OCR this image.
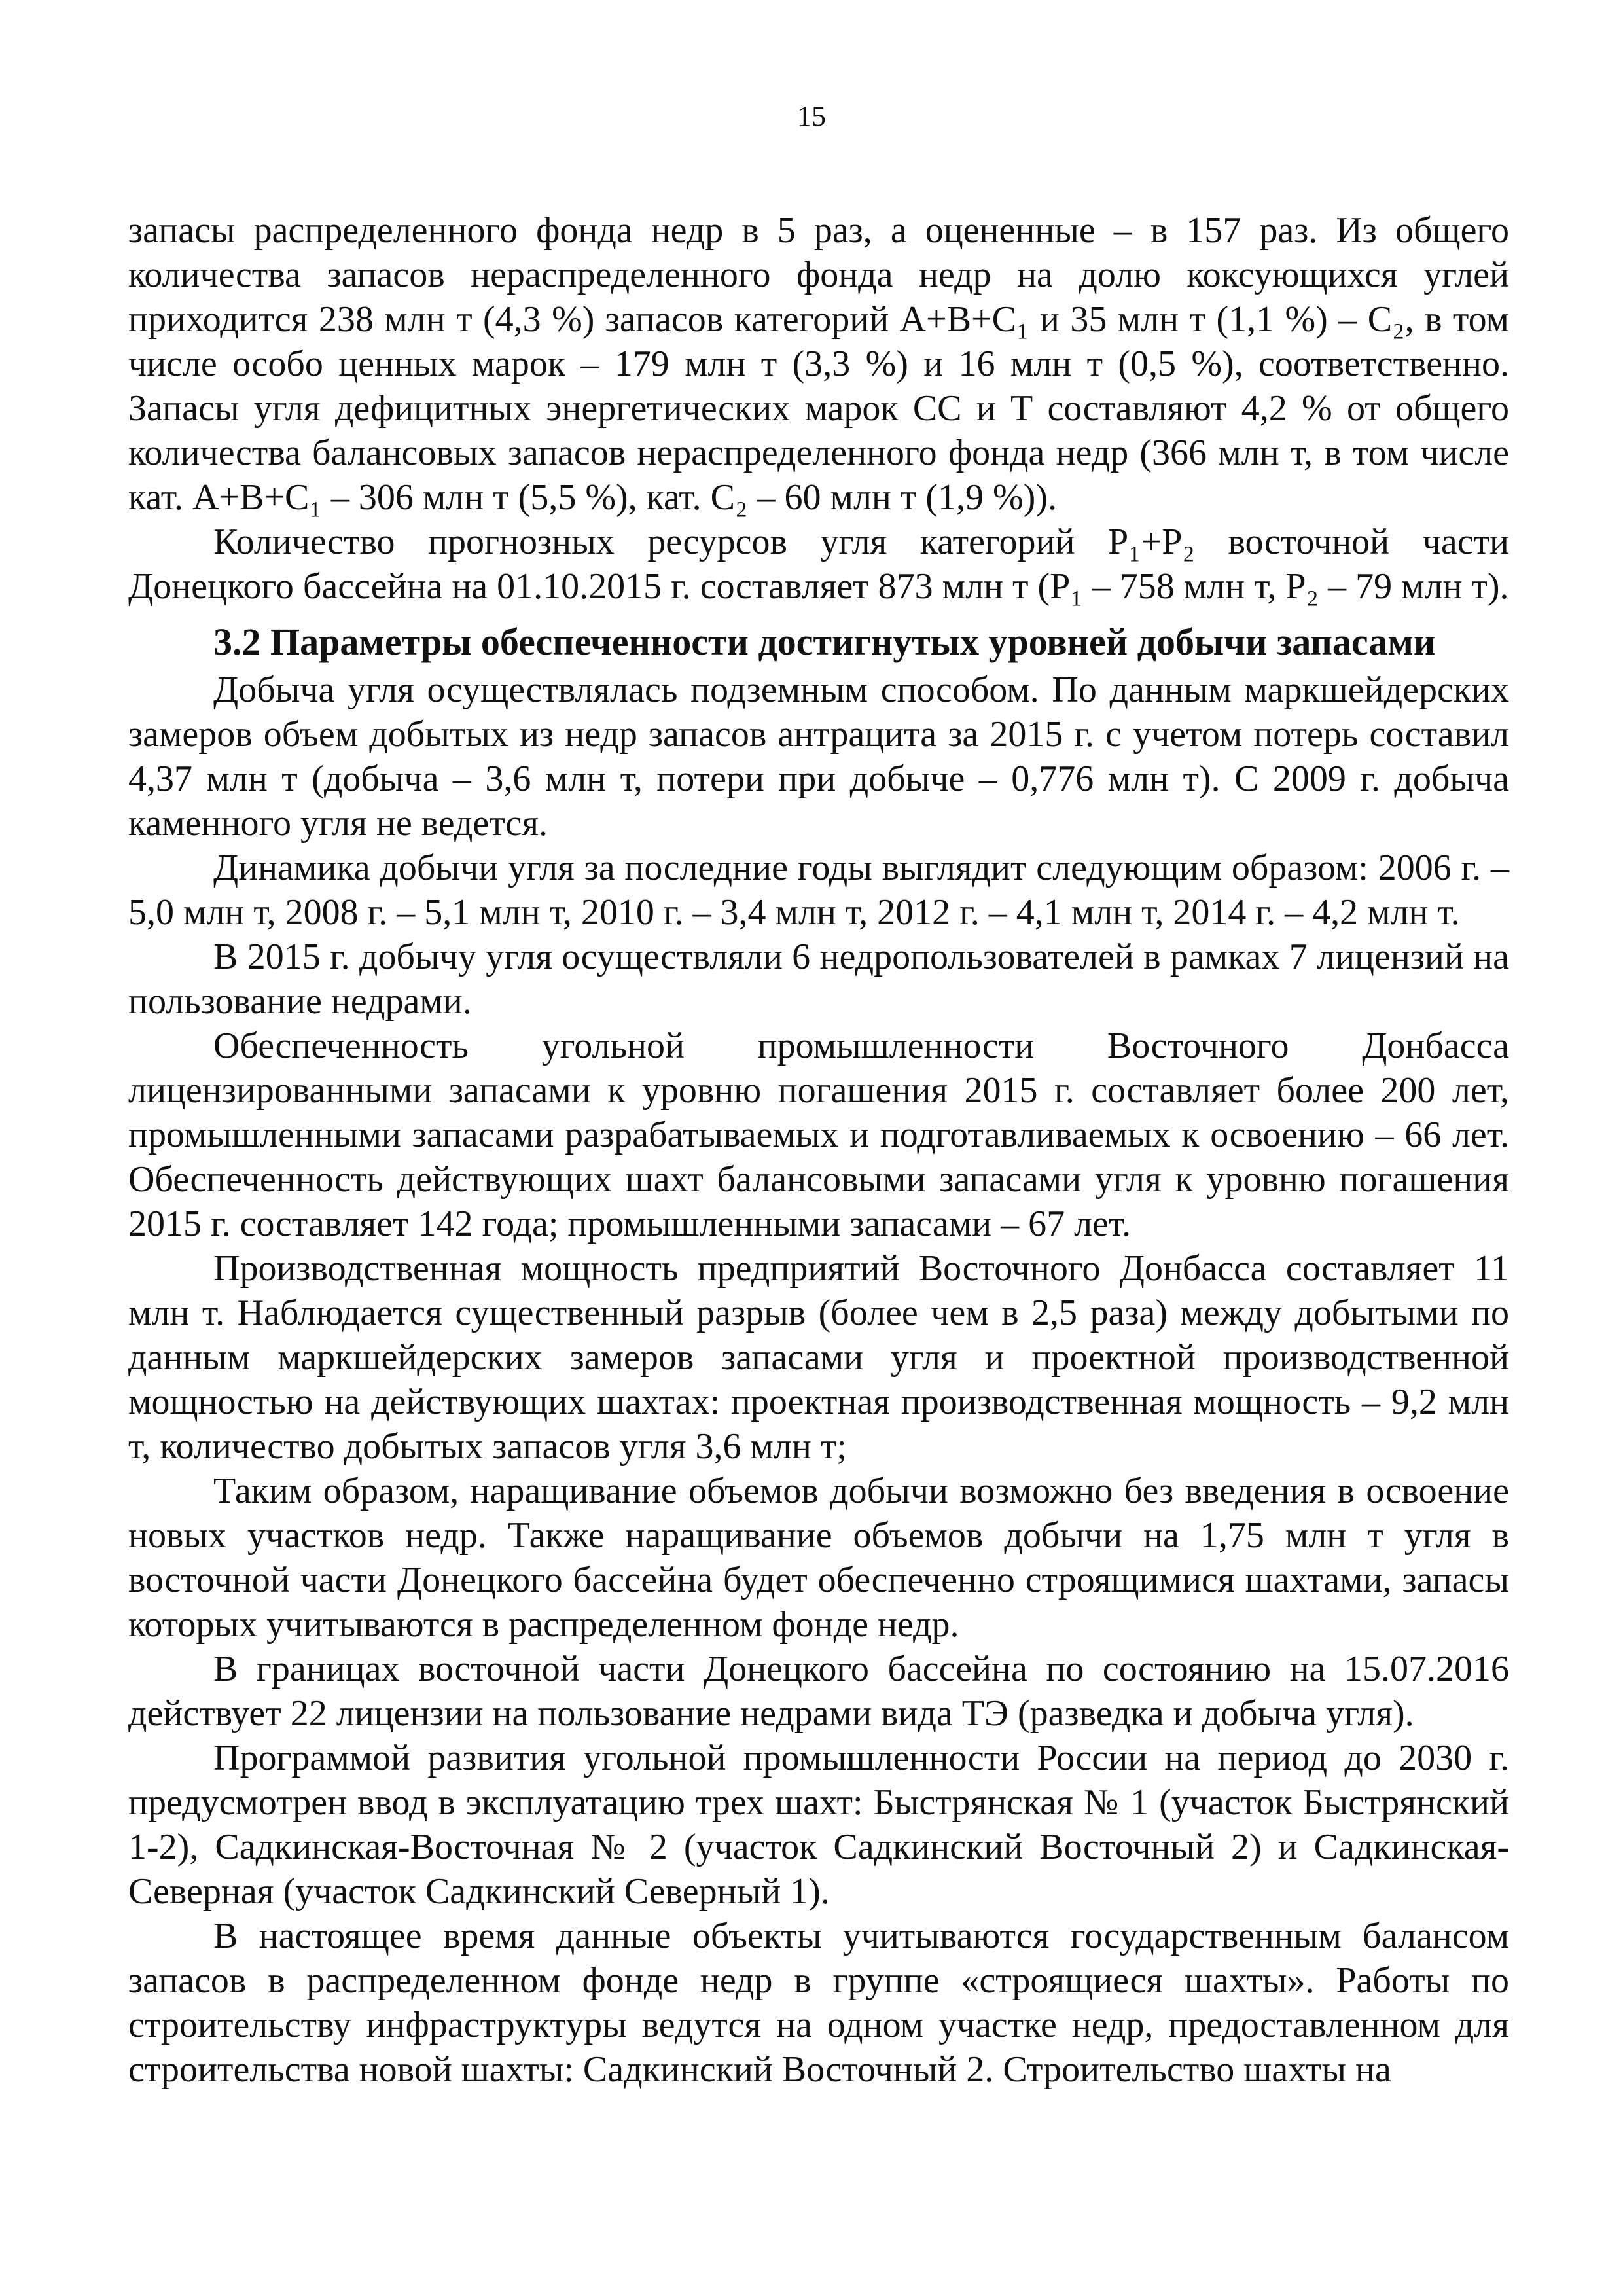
15

запасы распределенного фонда недр в 5 раз, а оцененные – в 157 раз. Из общего количества запасов нераспределенного фонда недр на долю коксующихся углей приходится 238 млн т (4,3 %) запасов категорий А+В+С₁ и 35 млн т (1,1 %) – С₂, в том числе особо ценных марок – 179 млн т (3,3 %) и 16 млн т (0,5 %), соответственно. Запасы угля дефицитных энергетических марок СС и Т составляют 4,2 % от общего количества балансовых запасов нераспределенного фонда недр (366 млн т, в том числе кат. А+В+С₁ – 306 млн т (5,5 %), кат. С₂ – 60 млн т (1,9 %)).

Количество прогнозных ресурсов угля категорий Р₁+Р₂ восточной части Донецкого бассейна на 01.10.2015 г. составляет 873 млн т (Р₁ – 758 млн т, Р₂ – 79 млн т).

3.2 Параметры обеспеченности достигнутых уровней добычи запасами

Добыча угля осуществлялась подземным способом. По данным маркшейдерских замеров объем добытых из недр запасов антрацита за 2015 г. с учетом потерь составил 4,37 млн т (добыча – 3,6 млн т, потери при добыче – 0,776 млн т). С 2009 г. добыча каменного угля не ведется.

Динамика добычи угля за последние годы выглядит следующим образом: 2006 г. – 5,0 млн т, 2008 г. – 5,1 млн т, 2010 г. – 3,4 млн т, 2012 г. – 4,1 млн т, 2014 г. – 4,2 млн т.

В 2015 г. добычу угля осуществляли 6 недропользователей в рамках 7 лицензий на пользование недрами.

Обеспеченность угольной промышленности Восточного Донбасса лицензированными запасами к уровню погашения 2015 г. составляет более 200 лет, промышленными запасами разрабатываемых и подготавливаемых к освоению – 66 лет. Обеспеченность действующих шахт балансовыми запасами угля к уровню погашения 2015 г. составляет 142 года; промышленными запасами – 67 лет.

Производственная мощность предприятий Восточного Донбасса составляет 11 млн т. Наблюдается существенный разрыв (более чем в 2,5 раза) между добытыми по данным маркшейдерских замеров запасами угля и проектной производственной мощностью на действующих шахтах: проектная производственная мощность – 9,2 млн т, количество добытых запасов угля 3,6 млн т;

Таким образом, наращивание объемов добычи возможно без введения в освоение новых участков недр. Также наращивание объемов добычи на 1,75 млн т угля в восточной части Донецкого бассейна будет обеспеченно строящимися шахтами, запасы которых учитываются в распределенном фонде недр.

В границах восточной части Донецкого бассейна по состоянию на 15.07.2016 действует 22 лицензии на пользование недрами вида ТЭ (разведка и добыча угля).

Программой развития угольной промышленности России на период до 2030 г. предусмотрен ввод в эксплуатацию трех шахт: Быстрянская № 1 (участок Быстрянский 1-2), Садкинская-Восточная № 2 (участок Садкинский Восточный 2) и Садкинская-Северная (участок Садкинский Северный 1).

В настоящее время данные объекты учитываются государственным балансом запасов в распределенном фонде недр в группе «строящиеся шахты». Работы по строительству инфраструктуры ведутся на одном участке недр, предоставленном для строительства новой шахты: Садкинский Восточный 2. Строительство шахты на
